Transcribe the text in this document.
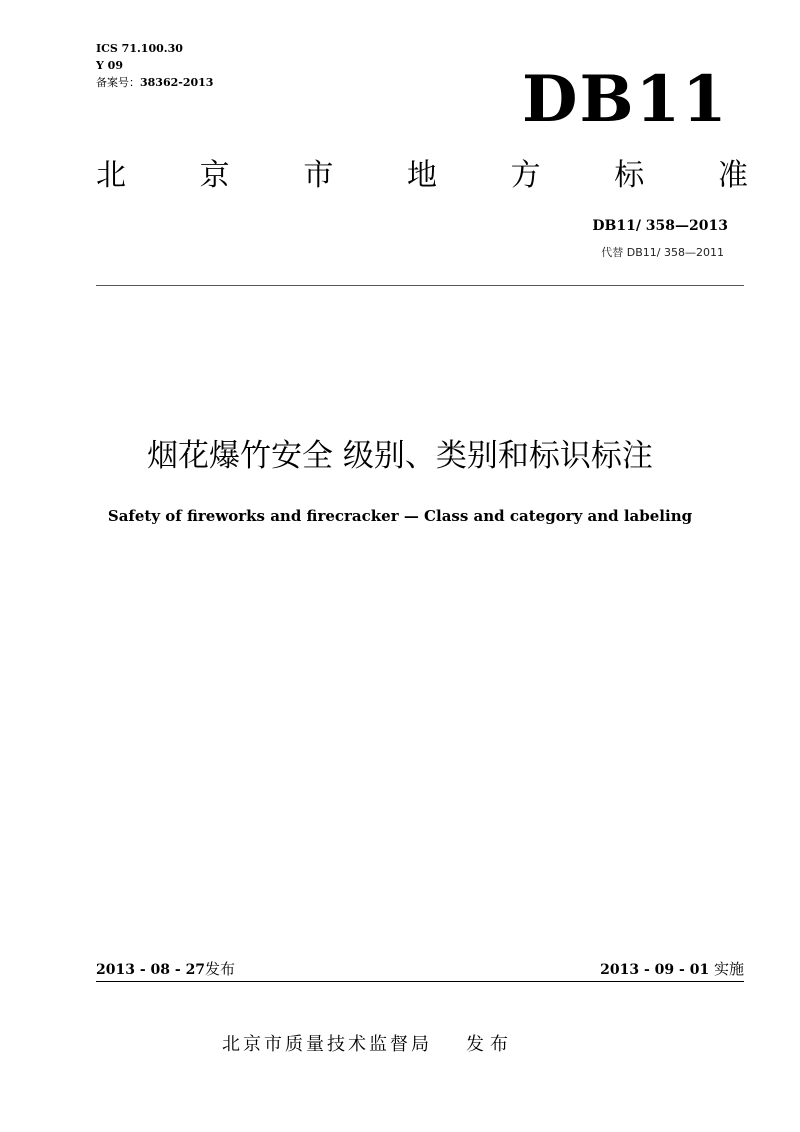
ICS 71.100.30
Y 09
备案号：38362-2013	DB11
北 京 市 地 方 标 准
DB11/ 358—2013
代替 DB11/ 358—2011
烟花爆竹安全 级别、类别和标识标注
Safety of fireworks and firecracker — Class and category and labeling
2013 - 08 - 27发布	2013 - 09 - 01 实施
北京市质量技术监督局 发布
